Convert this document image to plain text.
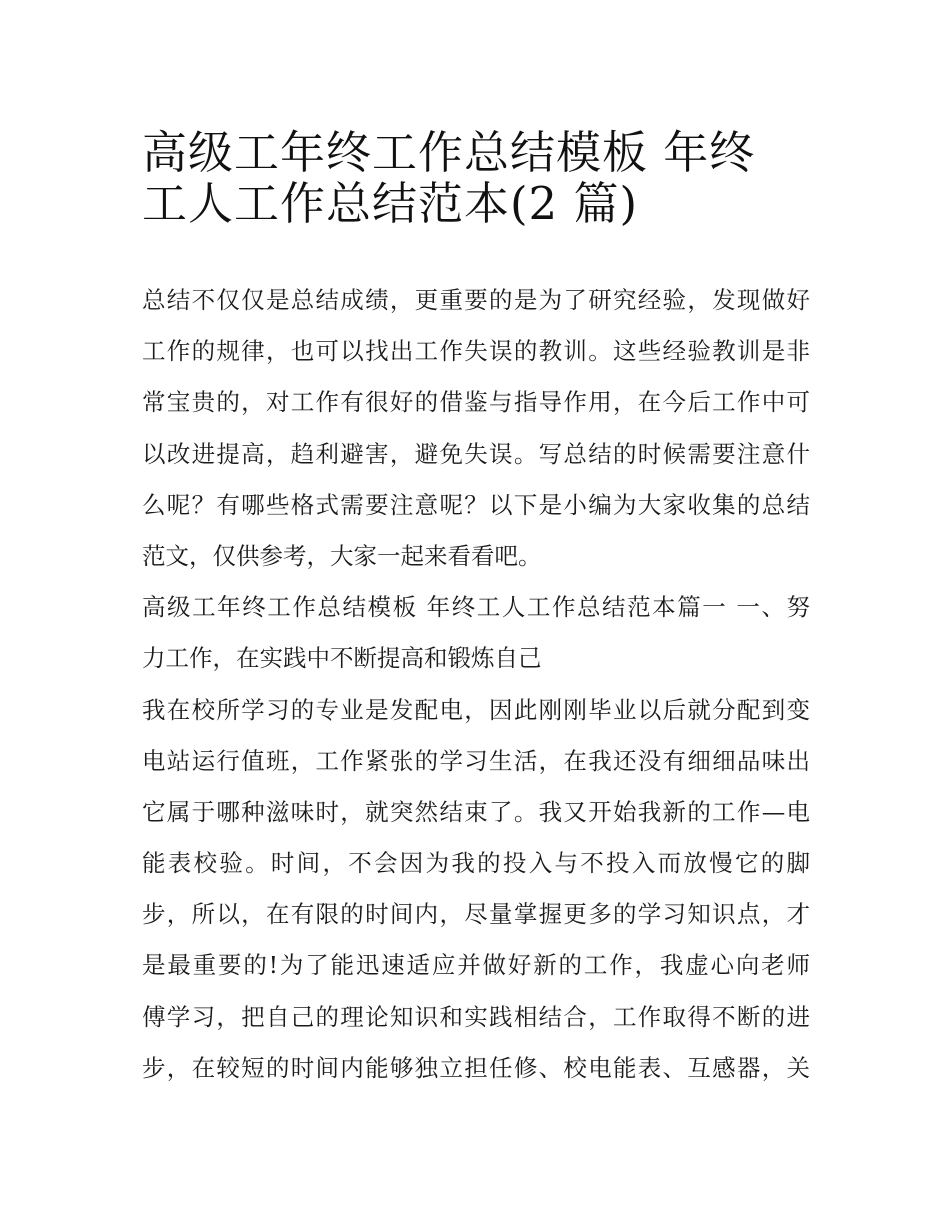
高级工年终工作总结模板 年终
工人工作总结范本(2 篇)
总结不仅仅是总结成绩，更重要的是为了研究经验，发现做好
工作的规律，也可以找出工作失误的教训。这些经验教训是非
常宝贵的，对工作有很好的借鉴与指导作用，在今后工作中可
以改进提高，趋利避害，避免失误。写总结的时候需要注意什
么呢？有哪些格式需要注意呢？以下是小编为大家收集的总结
范文，仅供参考，大家一起来看看吧。
高级工年终工作总结模板 年终工人工作总结范本篇一 一、努
力工作，在实践中不断提高和锻炼自己
我在校所学习的专业是发配电，因此刚刚毕业以后就分配到变
电站运行值班，工作紧张的学习生活，在我还没有细细品味出
它属于哪种滋味时，就突然结束了。我又开始我新的工作—电
能表校验。时间，不会因为我的投入与不投入而放慢它的脚
步，所以，在有限的时间内，尽量掌握更多的学习知识点，才
是最重要的!为了能迅速适应并做好新的工作，我虚心向老师
傅学习，把自己的理论知识和实践相结合，工作取得不断的进
步，在较短的时间内能够独立担任修、校电能表、互感器，关
